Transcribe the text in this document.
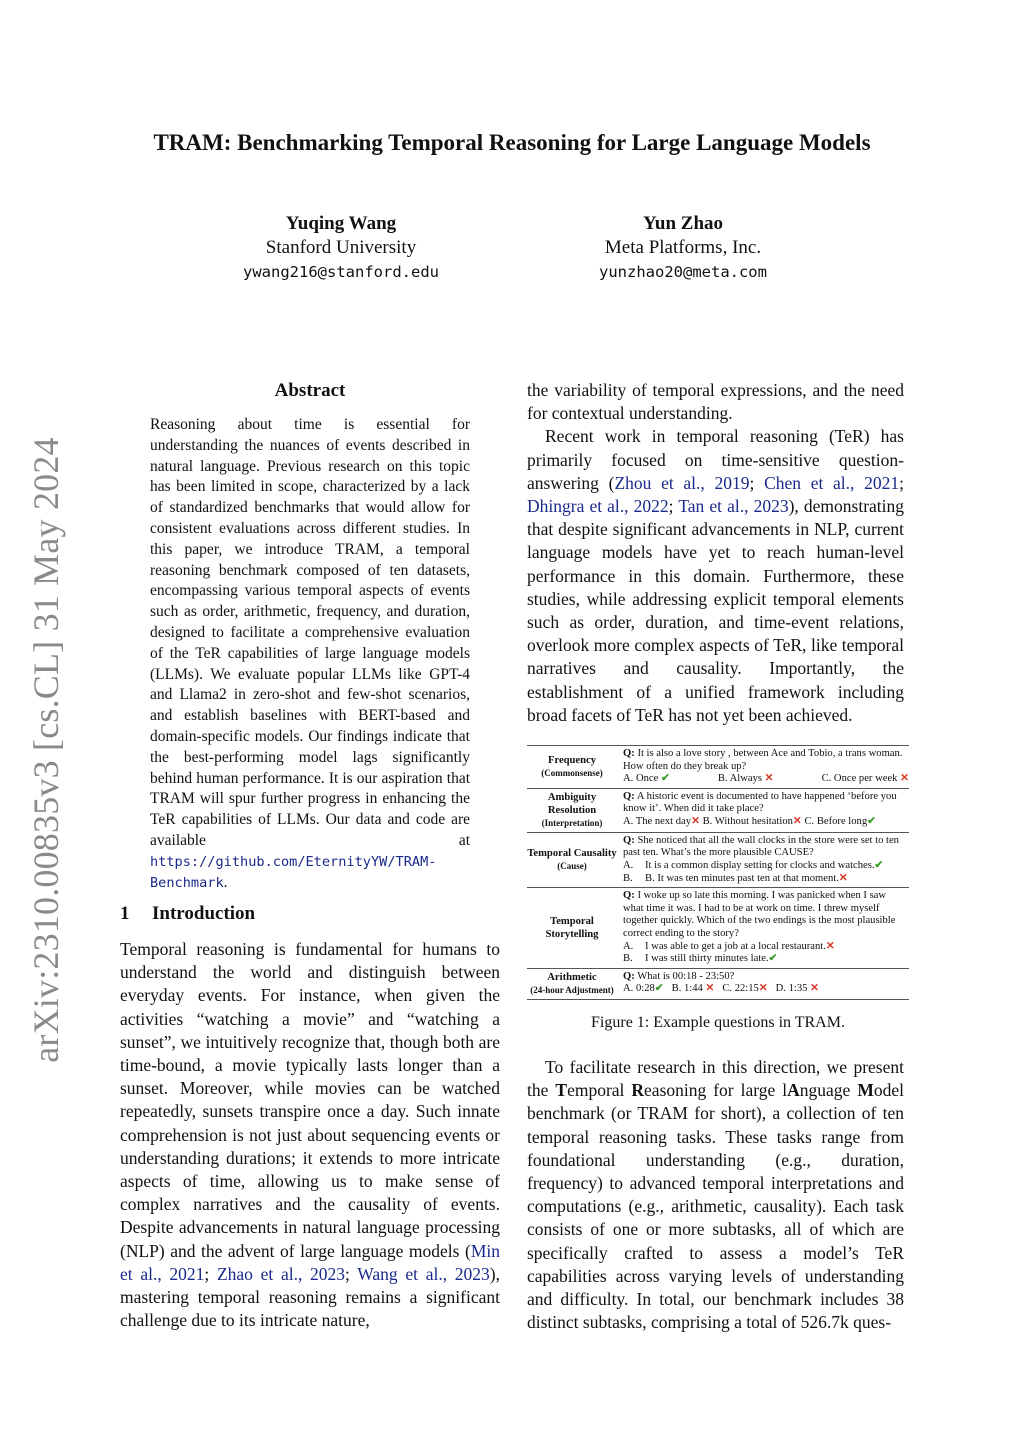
arXiv:2310.00835v3 [cs.CL] 31 May 2024
TRAM: Benchmarking Temporal Reasoning for Large Language Models
Yuqing Wang
Stanford University
ywang216@stanford.edu
Yun Zhao
Meta Platforms, Inc.
yunzhao20@meta.com
Abstract
Reasoning about time is essential for understanding the nuances of events described in natural language. Previous research on this topic has been limited in scope, characterized by a lack of standardized benchmarks that would allow for consistent evaluations across different studies. In this paper, we introduce TRAM, a temporal reasoning benchmark composed of ten datasets, encompassing various temporal aspects of events such as order, arithmetic, frequency, and duration, designed to facilitate a comprehensive evaluation of the TeR capabilities of large language models (LLMs). We evaluate popular LLMs like GPT-4 and Llama2 in zero-shot and few-shot scenarios, and establish baselines with BERT-based and domain-specific models. Our findings indicate that the best-performing model lags significantly behind human performance. It is our aspiration that TRAM will spur further progress in enhancing the TeR capabilities of LLMs. Our data and code are available at https://github.com/EternityYW/TRAM-Benchmark.
1 Introduction

Temporal reasoning is fundamental for humans to understand the world and distinguish between everyday events. For instance, when given the activities “watching a movie” and “watching a sunset”, we intuitively recognize that, though both are time-bound, a movie typically lasts longer than a sunset. Moreover, while movies can be watched repeatedly, sunsets transpire once a day. Such innate comprehension is not just about sequencing events or understanding durations; it extends to more intricate aspects of time, allowing us to make sense of complex narratives and the causality of events. Despite advancements in natural language processing (NLP) and the advent of large language models (Min et al., 2021; Zhao et al., 2023; Wang et al., 2023), mastering temporal reasoning remains a significant challenge due to its intricate nature,

the variability of temporal expressions, and the need for contextual understanding.

Recent work in temporal reasoning (TeR) has primarily focused on time-sensitive question-answering (Zhou et al., 2019; Chen et al., 2021; Dhingra et al., 2022; Tan et al., 2023), demonstrating that despite significant advancements in NLP, current language models have yet to reach human-level performance in this domain. Furthermore, these studies, while addressing explicit temporal elements such as order, duration, and time-event relations, overlook more complex aspects of TeR, like temporal narratives and causality. Importantly, the establishment of a unified framework including broad facets of TeR has not yet been achieved.

Frequency
(Commonsense)
Q: It is also a love story , between Ace and Tobio, a trans woman. How often do they break up?
A. Once ✔	B. Always ✕	C. Once per week ✕
Ambiguity Resolution
(Interpretation)
Q: A historic event is documented to have happened ‘before you know it’. When did it take place?
A. The next day✕ B. Without hesitation✕ C. Before long✔
Temporal Causality
(Cause)
Q: She noticed that all the wall clocks in the store were set to ten past ten. What’s the more plausible CAUSE?
A. It is a common display setting for clocks and watches.✔
B. B. It was ten minutes past ten at that moment.✕
Temporal Storytelling
Q: I woke up so late this morning. I was panicked when I saw what time it was. I had to be at work on time. I threw myself together quickly. Which of the two endings is the most plausible correct ending to the story?
A. I was able to get a job at a local restaurant.✕
B. I was still thirty minutes late.✔
Arithmetic
(24-hour Adjustment)
Q: What is 00:18 - 23:50?
A. 0:28✔ B. 1:44 ✕ C. 22:15✕ D. 1:35 ✕
Figure 1: Example questions in TRAM.

To facilitate research in this direction, we present the Temporal Reasoning for large lAnguage Model benchmark (or TRAM for short), a collection of ten temporal reasoning tasks. These tasks range from foundational understanding (e.g., duration, frequency) to advanced temporal interpretations and computations (e.g., arithmetic, causality). Each task consists of one or more subtasks, all of which are specifically crafted to assess a model’s TeR capabilities across varying levels of understanding and difficulty. In total, our benchmark includes 38 distinct subtasks, comprising a total of 526.7k ques-
